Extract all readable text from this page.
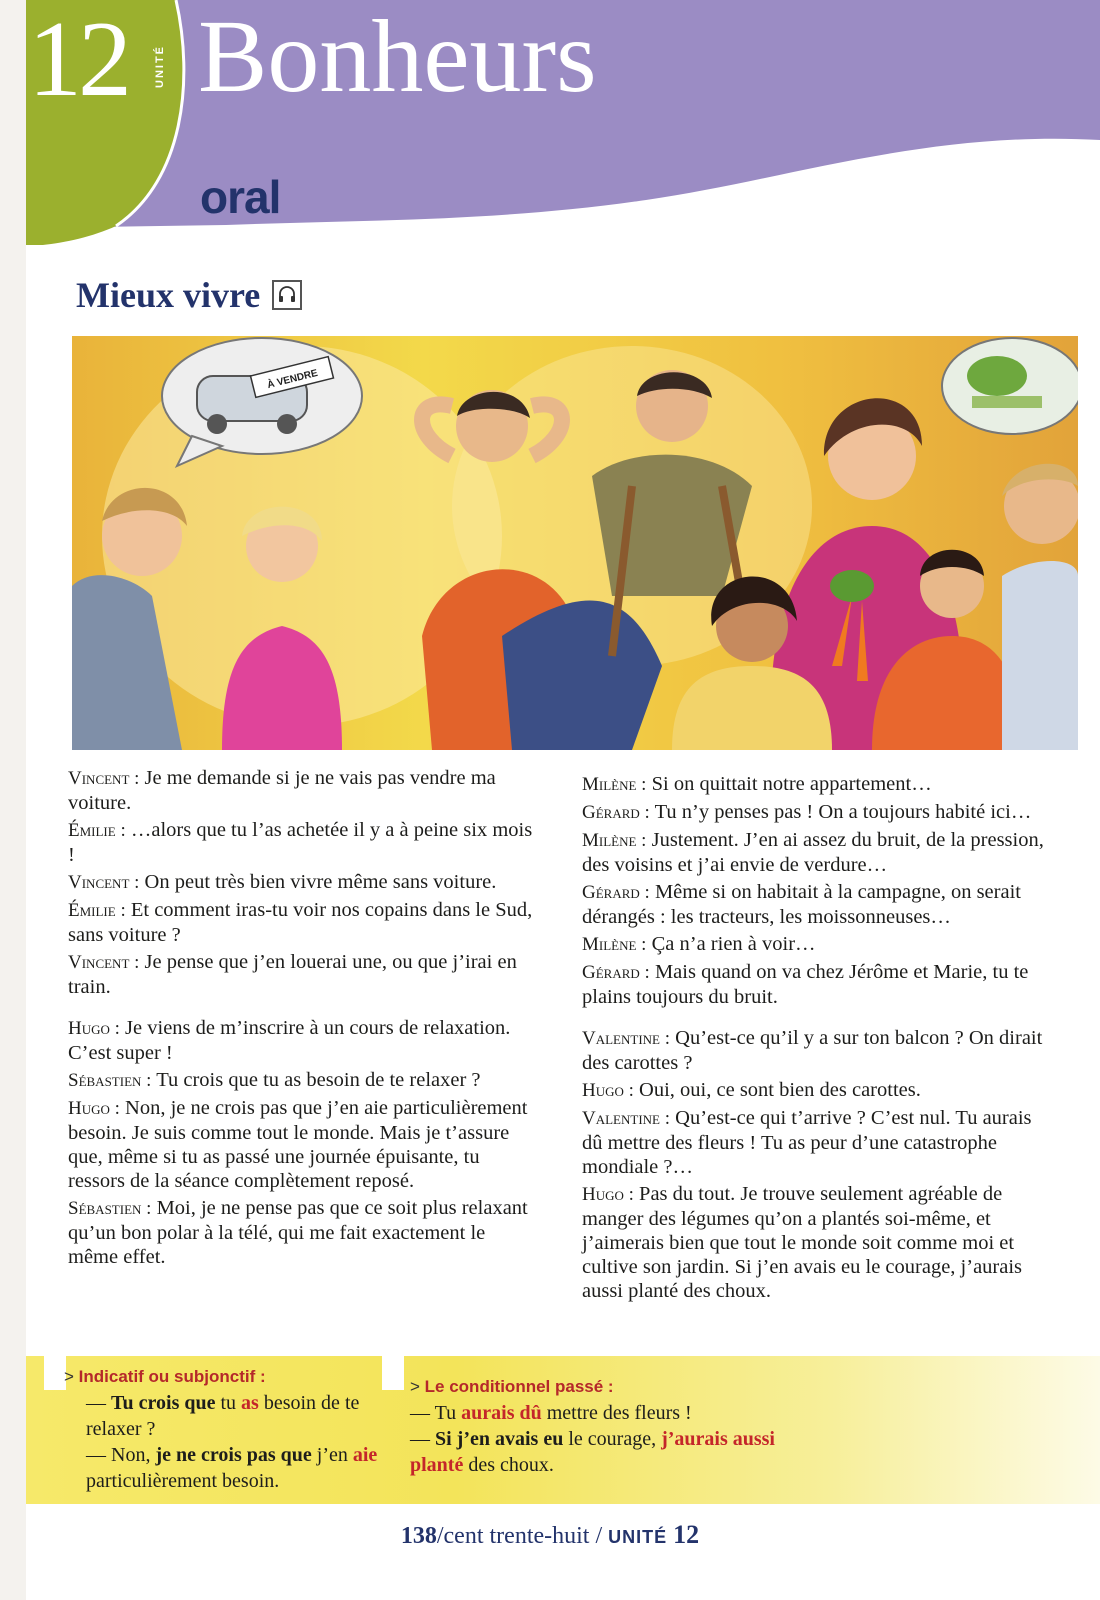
12 UNITÉ Bonheurs
oral
Mieux vivre
À VENDRE

Vincent : Je me demande si je ne vais pas vendre ma voiture.

Émilie : …alors que tu l’as achetée il y a à peine six mois !

Vincent : On peut très bien vivre même sans voiture.

Émilie : Et comment iras-tu voir nos copains dans le Sud, sans voiture ?

Vincent : Je pense que j’en louerai une, ou que j’irai en train.

Hugo : Je viens de m’inscrire à un cours de relaxation. C’est super !

Sébastien : Tu crois que tu as besoin de te relaxer ?

Hugo : Non, je ne crois pas que j’en aie particulièrement besoin. Je suis comme tout le monde. Mais je t’assure que, même si tu as passé une journée épuisante, tu ressors de la séance complètement reposé.

Sébastien : Moi, je ne pense pas que ce soit plus relaxant qu’un bon polar à la télé, qui me fait exactement le même effet.

Milène : Si on quittait notre appartement…

Gérard : Tu n’y penses pas ! On a toujours habité ici…

Milène : Justement. J’en ai assez du bruit, de la pression, des voisins et j’ai envie de verdure…

Gérard : Même si on habitait à la campagne, on serait dérangés : les tracteurs, les moissonneuses…

Milène : Ça n’a rien à voir…

Gérard : Mais quand on va chez Jérôme et Marie, tu te plains toujours du bruit.

Valentine : Qu’est-ce qu’il y a sur ton balcon ? On dirait des carottes ?

Hugo : Oui, oui, ce sont bien des carottes.

Valentine : Qu’est-ce qui t’arrive ? C’est nul. Tu aurais dû mettre des fleurs ! Tu as peur d’une catastrophe mondiale ?…

Hugo : Pas du tout. Je trouve seulement agréable de manger des légumes qu’on a plantés soi-même, et j’aimerais bien que tout le monde soit comme moi et cultive son jardin. Si j’en avais eu le courage, j’aurais aussi planté des choux.

> Indicatif ou subjonctif :
— Tu crois que tu as besoin de te relaxer ?
— Non, je ne crois pas que j’en aie particulièrement besoin.
> Le conditionnel passé :
— Tu aurais dû mettre des fleurs !
— Si j’en avais eu le courage, j’aurais aussi planté des choux.
138/cent trente-huit / UNITÉ 12
